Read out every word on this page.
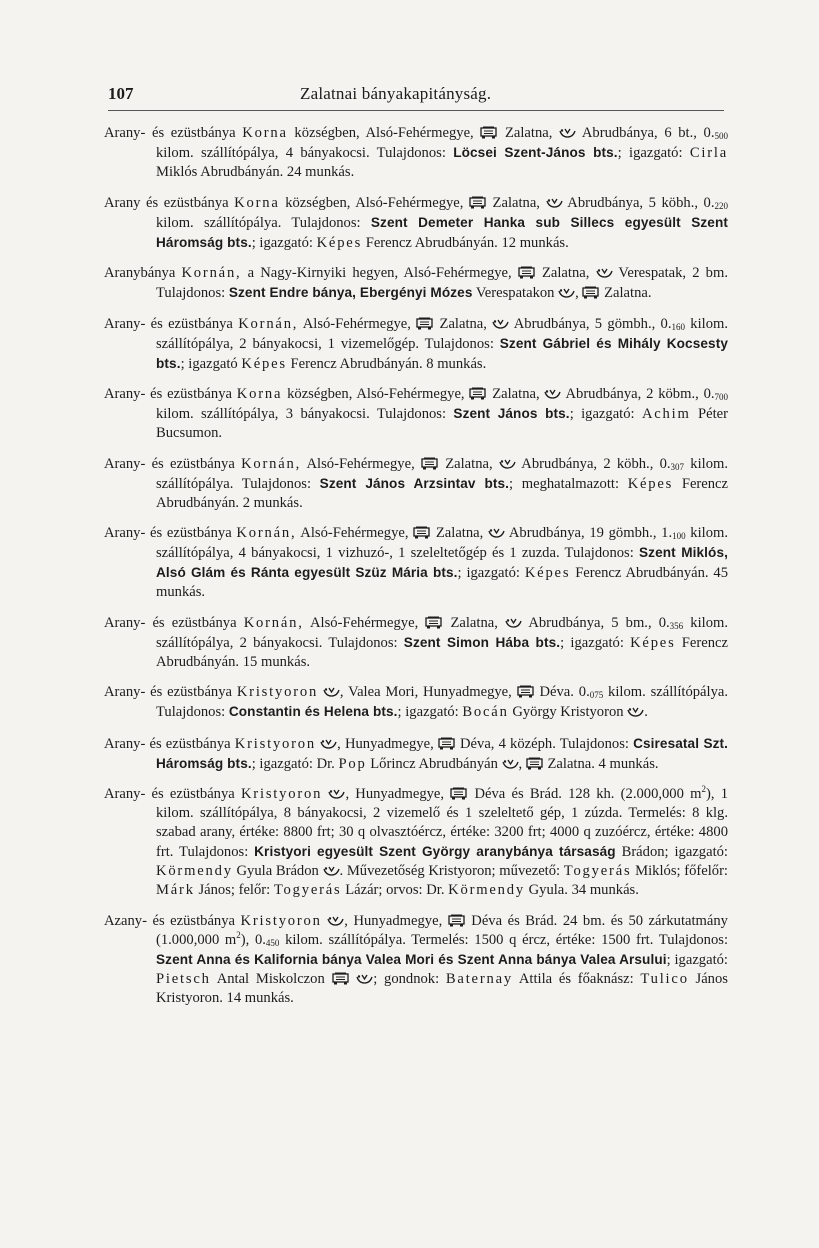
107	Zalatnai bányakapitányság.

Arany- és ezüstbánya Korna községben, Alsó-Fehérmegye,
Zalatna,
Abrudbánya, 6 bt., $0._{500}$ kilom. szállítópálya, 4 bányakocsi. Tulajdonos: Löcsei Szent-János bts.; igazgató: Cirla Miklós Abrudbányán. 24 munkás.

Arany és ezüstbánya Korna községben, Alsó-Fehérmegye,
Zalatna,
Abrudbánya, 5 köbh., $0._{220}$ kilom. szállítópálya. Tulajdonos: Szent Demeter Hanka sub Sillecs egyesült Szent Háromság bts.; igazgató: Képes Ferencz Abrudbányán. 12 munkás.

Aranybánya Kornán, a Nagy-Kirnyiki hegyen, Alsó-Fehérmegye,
Zalatna,
Verespatak, 2 bm. Tulajdonos: Szent Endre bánya, Ebergényi Mózes Verespatakon
,
Zalatna.

Arany- és ezüstbánya Kornán, Alsó-Fehérmegye,
Zalatna,
Abrudbánya, 5 gömbh., $0._{160}$ kilom. szállítópálya, 2 bányakocsi, 1 vizemelőgép. Tulajdonos: Szent Gábriel és Mihály Kocsesty bts.; igazgató Képes Ferencz Abrudbányán. 8 munkás.

Arany- és ezüstbánya Korna községben, Alsó-Fehérmegye,
Zalatna,
Abrudbánya, 2 köbm., $0._{700}$ kilom. szállítópálya, 3 bányakocsi. Tulajdonos: Szent János bts.; igazgató: Achim Péter Bucsumon.

Arany- és ezüstbánya Kornán, Alsó-Fehérmegye,
Zalatna,
Abrudbánya, 2 köbh., $0._{307}$ kilom. szállítópálya. Tulajdonos: Szent János Arzsintav bts.; meghatalmazott: Képes Ferencz Abrudbányán. 2 munkás.

Arany- és ezüstbánya Kornán, Alsó-Fehérmegye,
Zalatna,
Abrudbánya, 19 gömbh., $1._{100}$ kilom. szállítópálya, 4 bányakocsi, 1 vizhuzó-, 1 szeleltetőgép és 1 zuzda. Tulajdonos: Szent Miklós, Alsó Glám és Ránta egyesült Szüz Mária bts.; igazgató: Képes Ferencz Abrudbányán. 45 munkás.

Arany- és ezüstbánya Kornán, Alsó-Fehérmegye,
Zalatna,
Abrudbánya, 5 bm., $0._{356}$ kilom. szállítópálya, 2 bányakocsi. Tulajdonos: Szent Simon Hába bts.; igazgató: Képes Ferencz Abrudbányán. 15 munkás.

Arany- és ezüstbánya Kristyoron , Valea Mori, Hunyadmegye,
Déva. $0._{075}$ kilom. szállítópálya. Tulajdonos: Constantin és Helena bts.; igazgató: Bocán György Kristyoron
.

Arany- és ezüstbánya Kristyoron , Hunyadmegye,
Déva, 4 középh. Tulajdonos: Csiresatal Szt. Háromság bts.; igazgató: Dr. Pop Lőrincz Abrudbányán
,
Zalatna. 4 munkás.

Arany- és ezüstbánya Kristyoron , Hunyadmegye,
Déva és Brád. 128 kh. (2.000,000 $m^2$), 1 kilom. szállítópálya, 8 bányakocsi, 2 vizemelő és 1 szeleltető gép, 1 zúzda. Termelés: 8 klg. szabad arany, értéke: 8800 frt; 30 q olvasztóércz, értéke: 3200 frt; 4000 q zuzóércz, értéke: 4800 frt. Tulajdonos: Kristyori egyesült Szent György aranybánya társaság Brádon; igazgató: Körmendy Gyula Brádon
. Művezetőség Kristyoron; művezető: Togyerás Miklós; főfelőr: Márk János; felőr: Togyerás Lázár; orvos: Dr. Körmendy Gyula. 34 munkás.

Azany- és ezüstbánya Kristyoron , Hunyadmegye,
Déva és Brád. 24 bm. és 50 zárkutatmány (1.000,000 $m^2$), $0._{450}$ kilom. szállítópálya. Termelés: 1500 q ércz, értéke: 1500 frt. Tulajdonos: Szent Anna és Kalifornia bánya Valea Mori és Szent Anna bánya Valea Arsului; igazgató: Pietsch Antal Miskolczon
	; gondnok: Baternay Attila és főaknász: Tulico János Kristyoron. 14 munkás.
